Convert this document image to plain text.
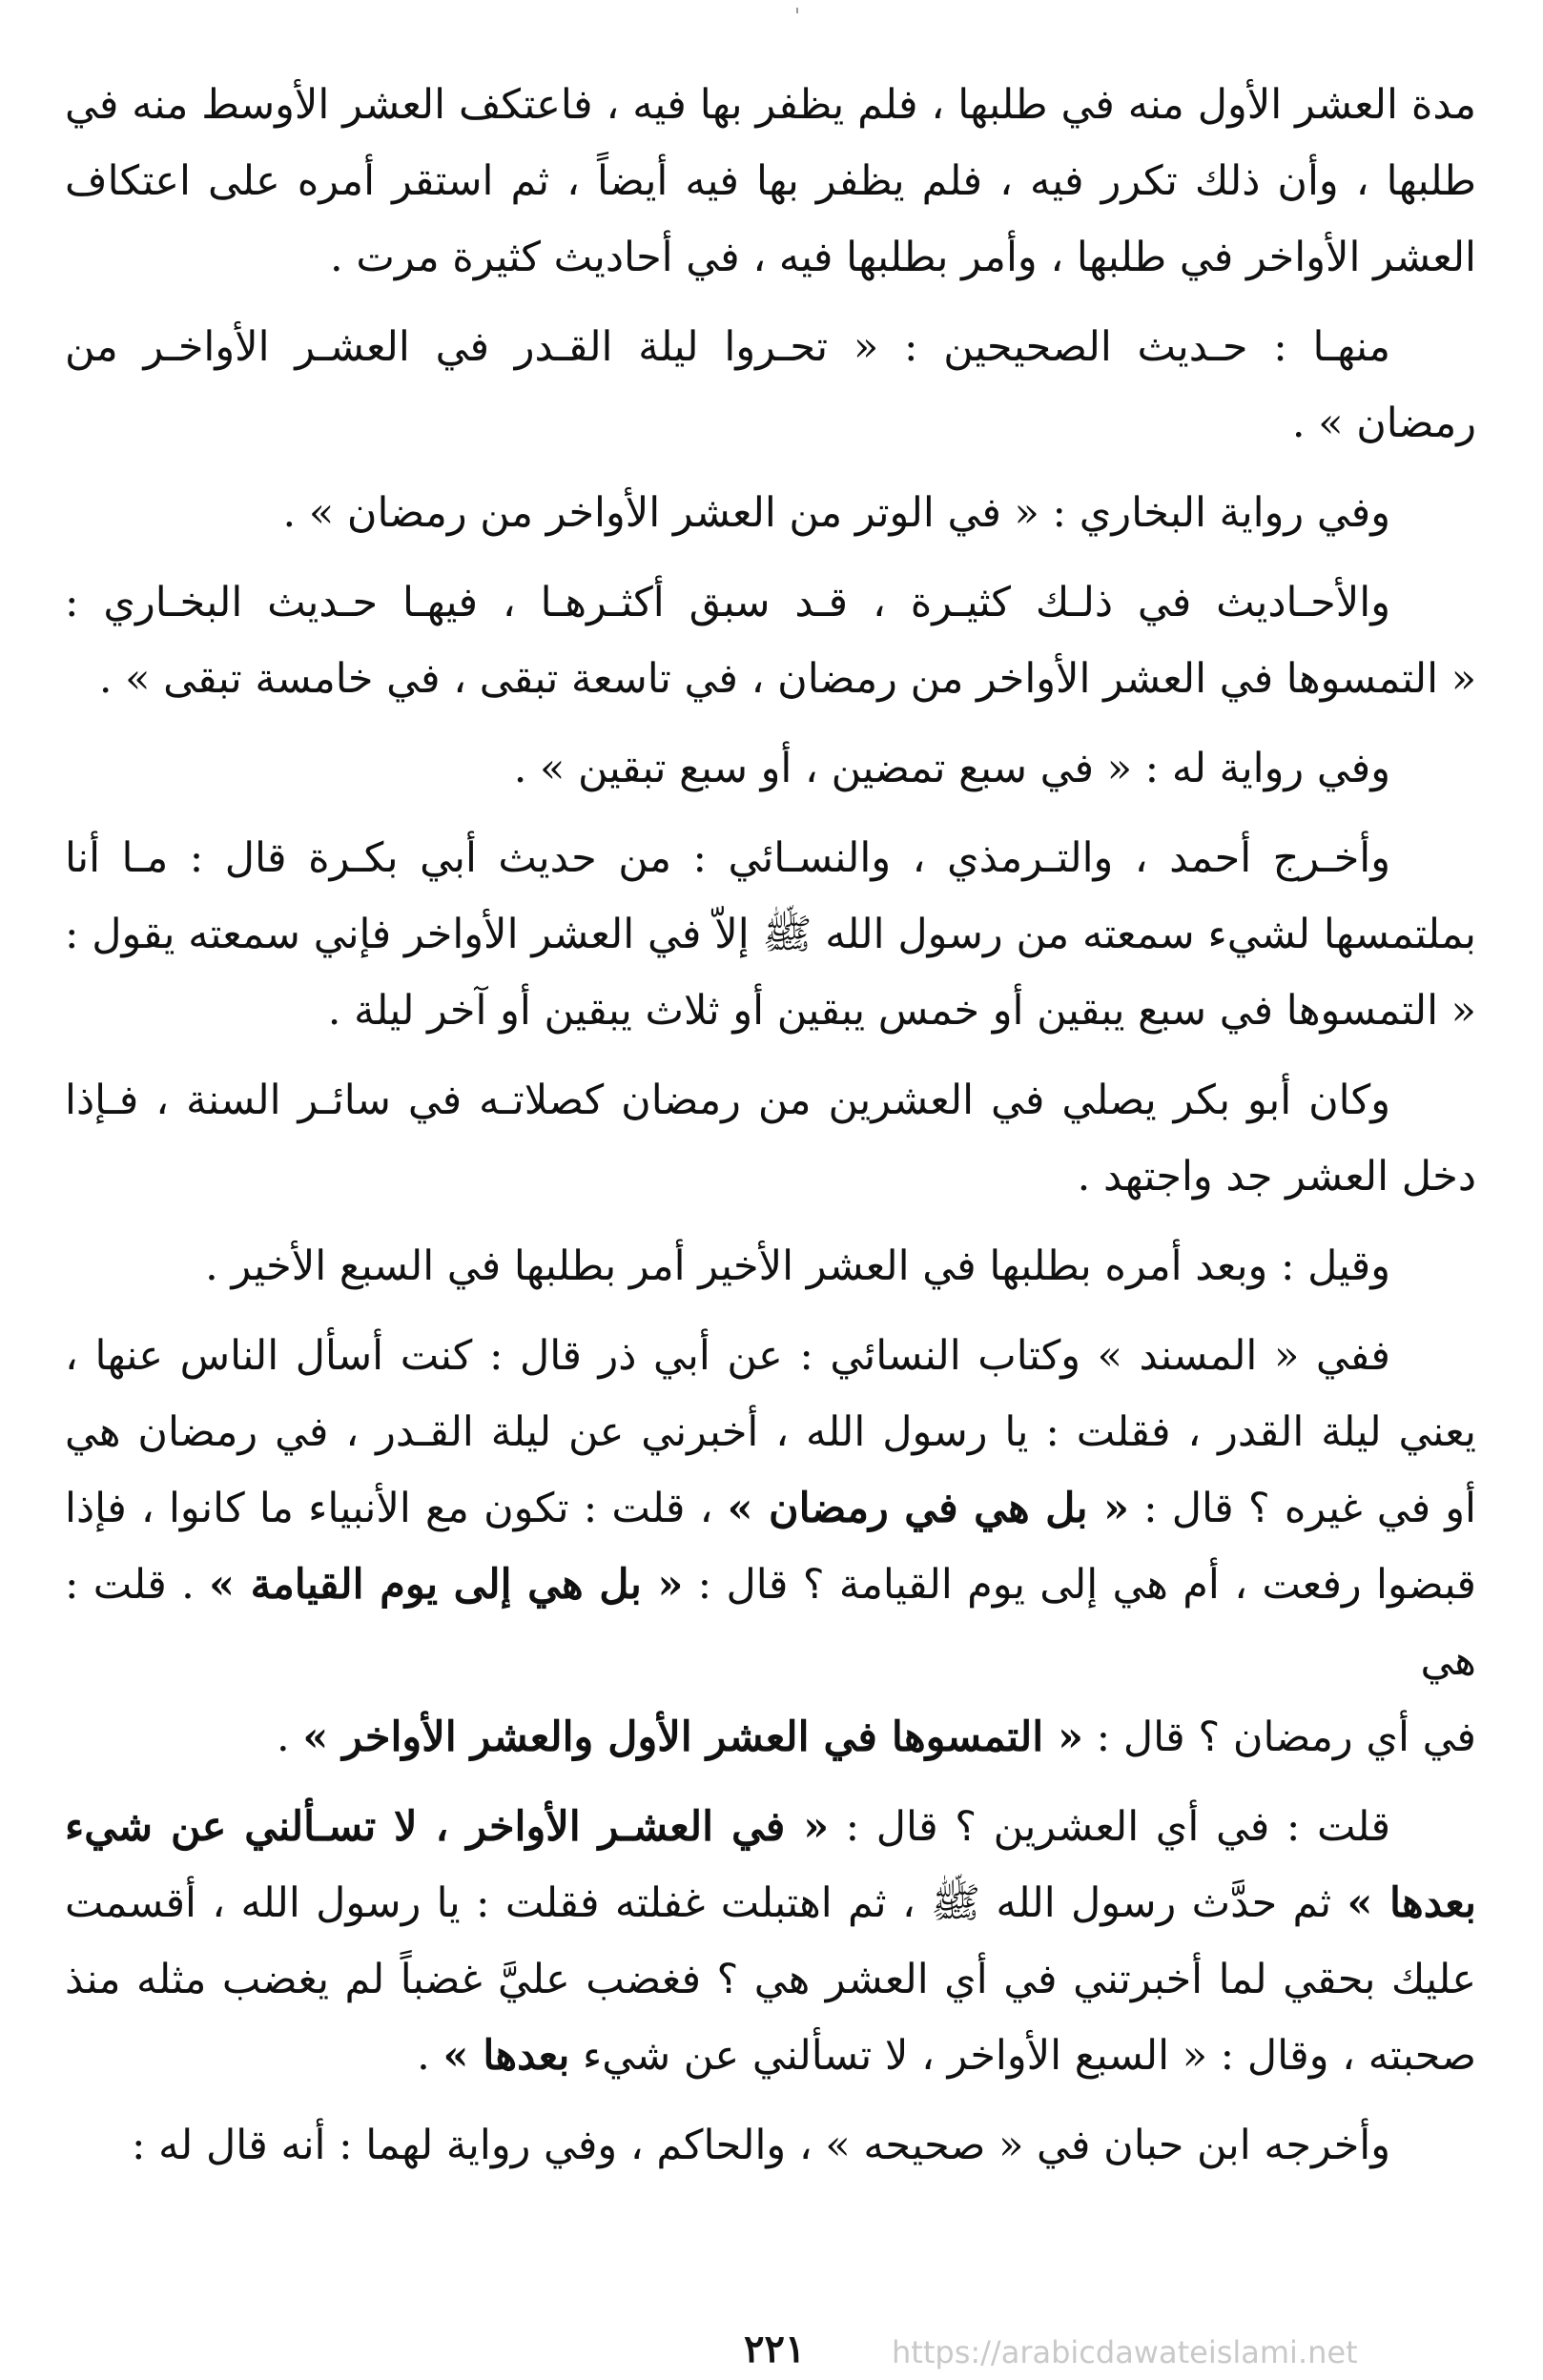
مدة العشر الأول منه في طلبها ، فلم يظفر بها فيه ، فاعتكف العشر الأوسط منه في
طلبها ، وأن ذلك تكرر فيه ، فلم يظفر بها فيه أيضاً ، ثم استقر أمره على اعتكاف
العشر الأواخر في طلبها ، وأمر بطلبها فيه ، في أحاديث كثيرة مرت .
منهـا : حـديث الصحيحين : « تحـروا ليلة القـدر في العشـر الأواخـر من
رمضان » .
وفي رواية البخاري : « في الوتر من العشر الأواخر من رمضان » .
والأحـاديث في ذلـك كثيـرة ، قـد سبق أكثـرهـا ، فيهـا حـديث البخـاري :
« التمسوها في العشر الأواخر من رمضان ، في تاسعة تبقى ، في خامسة تبقى » .
وفي رواية له : « في سبع تمضين ، أو سبع تبقين » .
وأخـرج أحمد ، والتـرمذي ، والنسـائي : من حديث أبي بكـرة قال : مـا أنا
بملتمسها لشيء سمعته من رسول الله ﷺ إلاّ في العشر الأواخر فإني سمعته يقول :
« التمسوها في سبع يبقين أو خمس يبقين أو ثلاث يبقين أو آخر ليلة .
وكان أبو بكر يصلي في العشرين من رمضان كصلاتـه في سائـر السنة ، فـإذا
دخل العشر جد واجتهد .
وقيل : وبعد أمره بطلبها في العشر الأخير أمر بطلبها في السبع الأخير .
ففي « المسند » وكتاب النسائي : عن أبي ذر قال : كنت أسأل الناس عنها ،
يعني ليلة القدر ، فقلت : يا رسول الله ، أخبرني عن ليلة القـدر ، في رمضان هي
أو في غيره ؟ قال : « بل هي في رمضان » ، قلت : تكون مع الأنبياء ما كانوا ، فإذا
قبضوا رفعت ، أم هي إلى يوم القيامة ؟ قال : « بل هي إلى يوم القيامة » . قلت : هي
في أي رمضان ؟ قال : « التمسوها في العشر الأول والعشر الأواخر » .
قلت : في أي العشرين ؟ قال : « في العشـر الأواخر ، لا تسـألني عن شيء
بعدها » ثم حدَّث رسول الله ﷺ ، ثم اهتبلت غفلته فقلت : يا رسول الله ، أقسمت
عليك بحقي لما أخبرتني في أي العشر هي ؟ فغضب عليَّ غضباً لم يغضب مثله منذ
صحبته ، وقال : « السبع الأواخر ، لا تسألني عن شيء بعدها » .
وأخرجه ابن حبان في « صحيحه » ، والحاكم ، وفي رواية لهما : أنه قال له :
٢٢١	https://arabicdawateislami.net
